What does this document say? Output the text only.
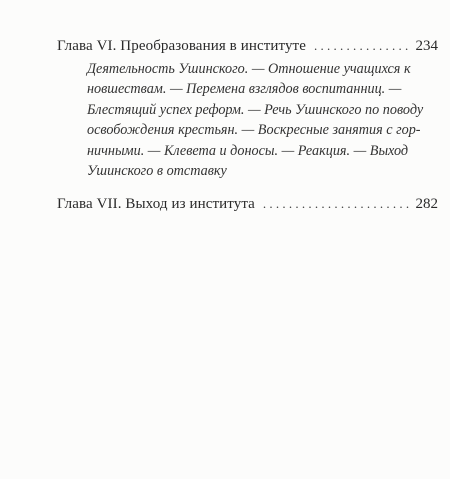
Глава VI. Преобразования в институте . . .	234
Деятельность Ушинского. — Отношение учащихся к
новшествам. — Перемена взглядов воспитанниц. —
Блестящий успех реформ. — Речь Ушинского по поводу
освобождения крестьян. — Воскресные занятия с гор-
ничными. — Клевета и доносы. — Реакция. — Выход
Ушинского в отставку
Глава VII. Выход из института . . .	282
